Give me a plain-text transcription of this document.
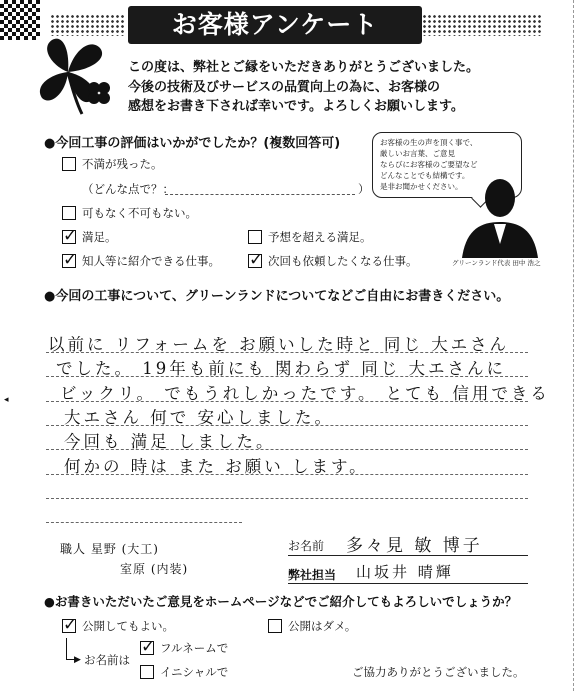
お客様アンケート
この度は、弊社とご縁をいただきありがとうございました。
今後の技術及びサービスの品質向上の為に、お客様の
感想をお書き下されば幸いです。よろしくお願いします。
●今回工事の評価はいかがでしたか？(複数回答可)
不満が残った。
（どんな点で？：	）
可もなく不可もない。
✓
満足。	予想を超える満足。
✓
知人等に紹介できる仕事。
✓	次回も依頼したくなる仕事。
お客様の生の声を頂く事で、
厳しいお言葉、ご意見
ならびにお客様のご要望など
どんなことでも結構です。
是非お聞かせください。
グリーンランド代表 田中 浩之
●今回の工事について、グリーンランドについてなどご自由にお書きください。
以前に リフォームを お願いした時と 同じ 大エさん
でした。 19年も前にも 関わらず 同じ 大エさんに
ビックリ。 でもうれしかったです。 とても 信用できる
大エさん 何で 安心しました。
今回も 満足 しました。
何かの 時は また お願い します。
職人 星野 (大工)
室原 (内装)
お名前 多々見 敏 博子
弊社担当 山坂井 晴輝
●お書きいただいたご意見をホームページなどでご紹介してもよろしいでしょうか？
✓
公開してもよい。	公開はダメ。
▶ お名前は
✓
フルネームで
イニシャルで	ご協力ありがとうございました。
◂
